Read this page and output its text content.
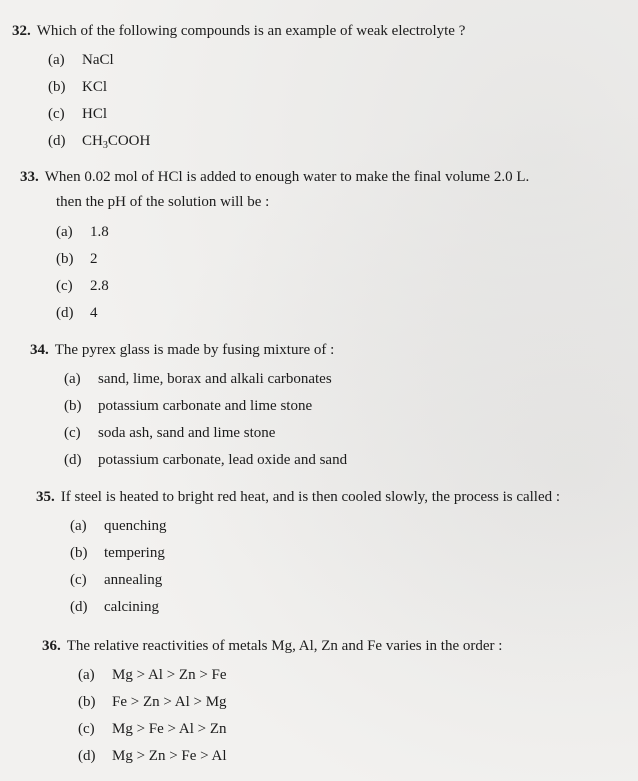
32. Which of the following compounds is an example of weak electrolyte ?
(a) NaCl
(b) KCl
(c) HCl
(d) $CH_3COOH$
33. When 0.02 mol of HCl is added to enough water to make the final volume 2.0 L.
then the pH of the solution will be :
(a) 1.8
(b) 2
(c) 2.8
(d) 4
34. The pyrex glass is made by fusing mixture of :
(a) sand, lime, borax and alkali carbonates
(b) potassium carbonate and lime stone
(c) soda ash, sand and lime stone
(d) potassium carbonate, lead oxide and sand
35. If steel is heated to bright red heat, and is then cooled slowly, the process is called :
(a) quenching
(b) tempering
(c) annealing
(d) calcining
36. The relative reactivities of metals Mg, Al, Zn and Fe varies in the order :
(a) Mg > Al > Zn > Fe
(b) Fe > Zn > Al > Mg
(c) Mg > Fe > Al > Zn
(d) Mg > Zn > Fe > Al
